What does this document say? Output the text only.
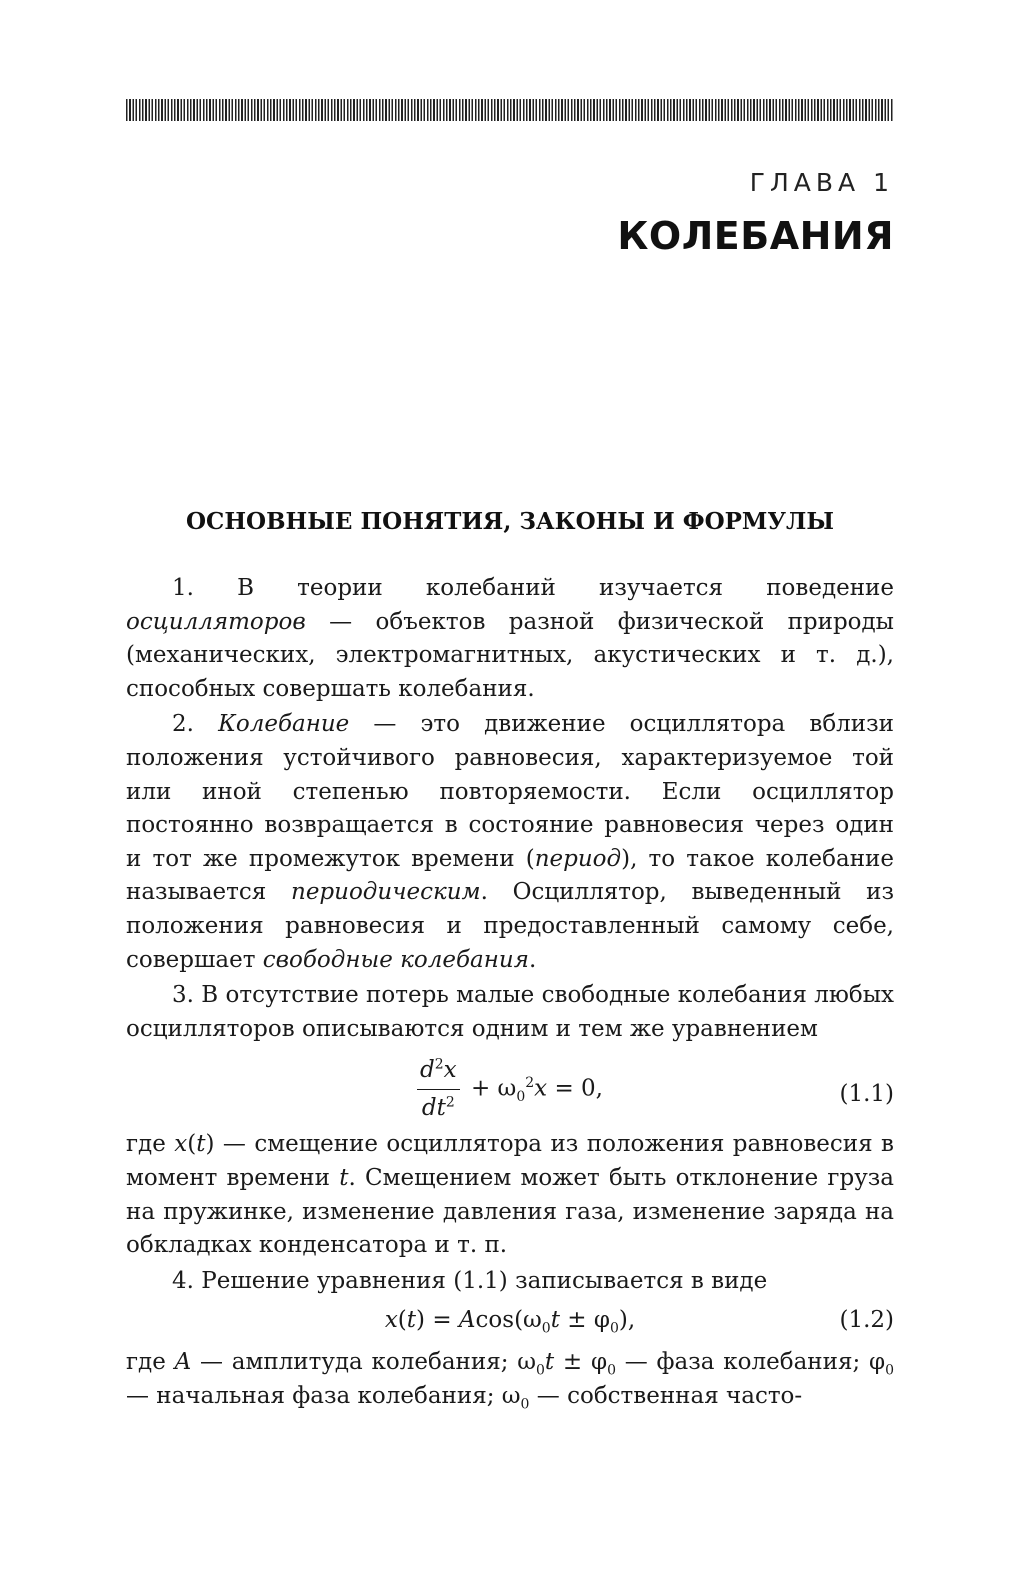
ГЛАВА 1
КОЛЕБАНИЯ
ОСНОВНЫЕ ПОНЯТИЯ, ЗАКОНЫ И ФОРМУЛЫ

1. В теории колебаний изучается поведение осцилляторов — объектов разной физической природы (механических, электромагнитных, акустических и т. д.), способных совершать колебания.

2. Колебание — это движение осциллятора вблизи положения устойчивого равновесия, характеризуемое той или иной степенью повторяемости. Если осциллятор постоянно возвращается в состояние равновесия через один и тот же промежуток времени (период), то такое колебание называется периодическим. Осциллятор, выведенный из положения равновесия и предоставленный самому себе, совершает свободные колебания.

3. В отсутствие потерь малые свободные колебания любых осцилляторов описываются одним и тем же уравнением

$\frac{d^2x}{dt^2} + \omega_0^2x = 0$,	(1.1)

где x(t) — смещение осциллятора из положения равновесия в момент времени t. Смещением может быть отклонение груза на пружинке, изменение давления газа, изменение заряда на обкладках конденсатора и т. п.

4. Решение уравнения (1.1) записывается в виде

$x(t) = Acos(\omega_0t \pm \varphi_0)$,	(1.2)

где A — амплитуда колебания; $\omega_0t \pm \varphi_0$ — фаза колебания; $\varphi_0$ — начальная фаза колебания; $\omega_0$ — собственная часто-
